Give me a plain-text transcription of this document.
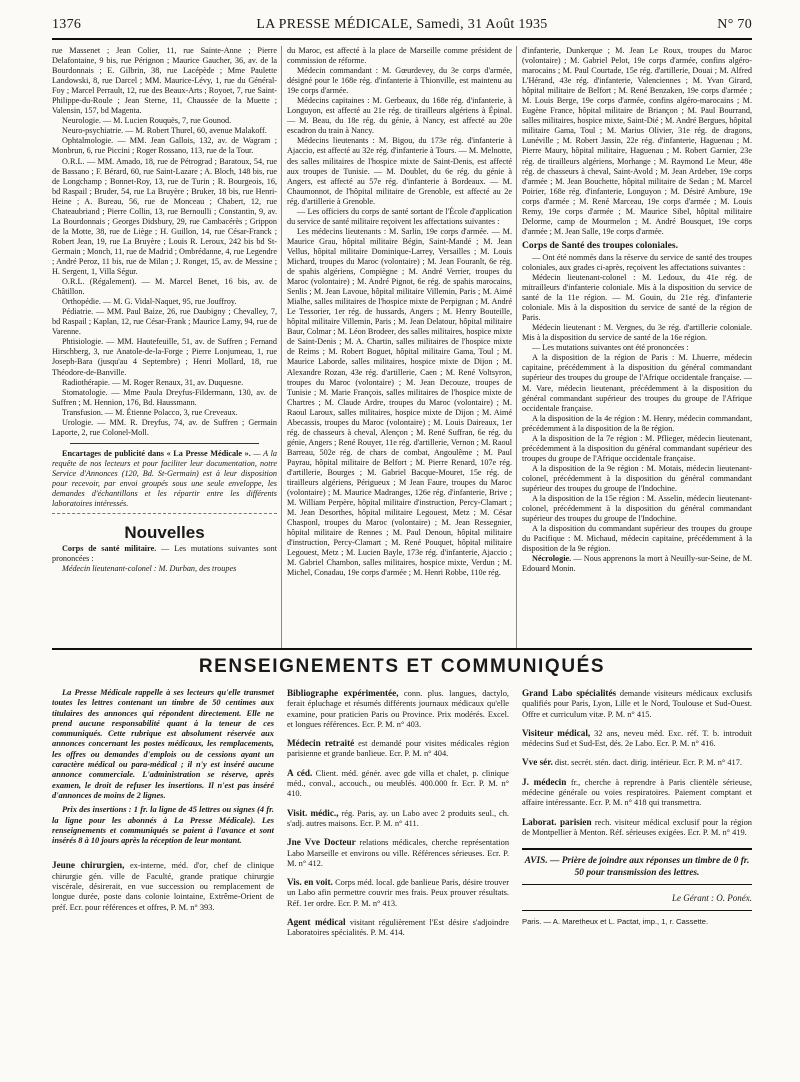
1376	LA PRESSE MÉDICALE, Samedi, 31 Août 1935	N° 70

rue Massenet ; Jean Colier, 11, rue Sainte-Anne ; Pierre Delafontaine, 9 bis, rue Pérignon ; Maurice Gaucher, 36, av. de la Bourdonnais ; E. Gilbrin, 38, rue Lacépède ; Mme Paulette Landowski, 8, rue Darcel ; MM. Maurice-Lévy, 1, rue du Général-Foy ; Marcel Perrault, 12, rue des Beaux-Arts ; Royoet, 7, rue Saint-Philippe-du-Roule ; Jean Sterne, 11, Chaussée de la Muette ; Valensin, 157, bd Magenta.

Neurologie. — M. Lucien Rouquès, 7, rue Gounod.

Neuro-psychiatrie. — M. Robert Thurel, 60, avenue Malakoff.

Ophtalmologie. — MM. Jean Gallois, 132, av. de Wagram ; Monbrun, 6, rue Piccini ; Roger Rossano, 113, rue de la Tour.

O.R.L. — MM. Amado, 18, rue de Pétrograd ; Baratoux, 54, rue de Bassano ; F. Bérard, 60, rue Saint-Lazare ; A. Bloch, 148 bis, rue de Longchamp ; Bonnet-Roy, 13, rue de Turin ; R. Bourgeois, 16, bd Raspail ; Bruder, 54, rue La Bruyère ; Bruker, 18 bis, rue Henri-Heine ; A. Bureau, 56, rue de Monceau ; Chabert, 12, rue Chateaubriand ; Pierre Collin, 13, rue Bernoulli ; Constantin, 9, av. La Bourdonnais ; Georges Didsbury, 29, rue Cambacérès ; Grippon de la Motte, 38, rue de Liège ; H. Guillon, 14, rue César-Franck ; Robert Jean, 19, rue La Bruyère ; Louis R. Leroux, 242 bis bd St-Germain ; Monch, 11, rue de Madrid ; Ombrédanne, 4, rue Legendre ; André Peroz, 11 bis, rue de Milan ; J. Ronget, 15, av. de Messine ; H. Sergent, 1, Villa Ségur.

O.R.L. (Régalement). — M. Marcel Benet, 16 bis, av. de Châtillon.

Orthopédie. — M. G. Vidal-Naquet, 95, rue Jouffroy.

Pédiatrie. — MM. Paul Baize, 26, rue Daubigny ; Chevalley, 7, bd Raspail ; Kaplan, 12, rue César-Frank ; Maurice Lamy, 94, rue de Varenne.

Phtisiologie. — MM. Hautefeuille, 51, av. de Suffren ; Fernand Hirschberg, 3, rue Anatole-de-la-Forge ; Pierre Lonjumeau, 1, rue Joseph-Bara (jusqu'au 4 Septembre) ; Henri Mollard, 18, rue Théodore-de-Banville.

Radiothérapie. — M. Roger Renaux, 31, av. Duquesne.

Stomatologie. — Mme Paula Dreyfus-Fildermann, 130, av. de Suffren ; M. Hennion, 176, Bd. Haussmann.

Transfusion. — M. Étienne Polacco, 3, rue Creveaux.

Urologie. — MM. R. Dreyfus, 74, av. de Suffren ; Germain Laporte, 2, rue Colonel-Moll.

Encartages de publicité dans « La Presse Médicale ». — A la requête de nos lecteurs et pour faciliter leur documentation, notre Service d'Annonces (120, Bd. St-Germain) est à leur disposition pour recevoir, par envoi groupés sous une seule enveloppe, les demandes d'échantillons et les répartir entre les différents laboratoires intéressés.

Nouvelles

Corps de santé militaire. — Les mutations suivantes sont prononcées :

Médecin lieutenant-colonel : M. Durban, des troupes

du Maroc, est affecté à la place de Marseille comme président de commission de réforme.

Médecin commandant : M. Gœurdevey, du 3e corps d'armée, désigné pour le 168e rég. d'infanterie à Thionville, est maintenu au 19e corps d'armée.

Médecins capitaines : M. Gerbeaux, du 168e rég. d'infanterie, à Longuyon, est affecté au 21e rég. de tirailleurs algériens à Épinal. — M. Beau, du 18e rég. du génie, à Nancy, est affecté au 20e escadron du train à Nancy.

Médecins lieutenants : M. Bigou, du 173e rég. d'infanterie à Ajaccio, est affecté au 32e rég. d'infanterie à Tours. — M. Melnotte, des salles militaires de l'hospice mixte de Saint-Denis, est affecté aux troupes de Tunisie. — M. Doublet, du 6e rég. du génie à Angers, est affecté au 57e rég. d'infanterie à Bordeaux. — M. Chaumonnot, de l'hôpital militaire de Grenoble, est affecté au 2e rég. d'artillerie à Grenoble.

— Les officiers du corps de santé sortant de l'École d'application du service de santé militaire reçoivent les affectations suivantes :

Les médecins lieutenants : M. Sarlin, 19e corps d'armée. — M. Maurice Grau, hôpital militaire Bégin, Saint-Mandé ; M. Jean Vellus, hôpital militaire Dominique-Larrey, Versailles ; M. Louis Michard, troupes du Maroc (volontaire) ; M. Jean Fouranlt, 6e rég. de spahis algériens, Compiègne ; M. André Verrier, troupes du Maroc (volontaire) ; M. André Pignot, 6e rég. de spahis marocains, Senlis ; M. Jean Lavoue, hôpital militaire Villemin, Paris ; M. Aimé Mialhe, salles militaires de l'hospice mixte de Perpignan ; M. André Le Tessorier, 1er rég. de hussards, Angers ; M. Henry Bouteille, hôpital militaire Villemin, Paris ; M. Jean Delatour, hôpital militaire Baur, Colmar ; M. Léon Brodeer, des salles militaires, hospice mixte de Saint-Denis ; M. A. Chartin, salles militaires de l'hospice mixte de Reims ; M. Robert Boguet, hôpital militaire Gama, Toul ; M. Maurice Laborde, salles militaires, hospice mixte de Dijon ; M. Alexandre Rozan, 43e rég. d'artillerie, Caen ; M. René Voltsyron, troupes du Maroc (volontaire) ; M. Jean Decouze, troupes de Tunisie ; M. Marie François, salles militaires de l'hospice mixte de Chartres ; M. Claude Ardre, troupes du Maroc (volontaire) ; M. Raoul Laroux, salles militaires, hospice mixte de Dijon ; M. Aimé Abecassis, troupes du Maroc (volontaire) ; M. Louis Daireaux, 1er rég. de chasseurs à cheval, Alençon ; M. René Suffran, 6e rég. du génie, Angers ; René Rouyer, 11e rég. d'artillerie, Vernon ; M. Raoul Barreau, 502e rég. de chars de combat, Angoulême ; M. Paul Payrau, hôpital militaire de Belfort ; M. Pierre Renard, 107e rég. d'artillerie, Bourges ; M. Gabriel Bacque-Mouret, 15e rég. de tirailleurs algériens, Périgueux ; M Jean Faure, troupes du Maroc (volontaire) ; M. Maurice Madranges, 126e rég. d'infanterie, Brive ; M. William Perpère, hôpital militaire d'instruction, Percy-Clamart ; M. Jean Desorthes, hôpital militaire Legouest, Metz ; M. César Chasponl, troupes du Maroc (volontaire) ; M. Jean Ressegnier, hôpital militaire de Rennes ; M. Paul Denoun, hôpital militaire d'instruction, Percy-Clamart ; M. René Pouquet, hôpital militaire Legouest, Metz ; M. Lucien Bayle, 173e rég. d'infanterie, Ajaccio ; M. Gabriel Chambon, salles militaires, hospice mixte, Verdun ; M. Michel, Conadau, 19e corps d'armée ; M. Henri Robbe, 110e rég.

d'infanterie, Dunkerque ; M. Jean Le Roux, troupes du Maroc (volontaire) ; M. Gabriel Pelot, 19e corps d'armée, confins algéro-marocains ; M. Paul Courtade, 15e rég. d'artillerie, Douai ; M. Alfred L'Hérand, 43e rég. d'infanterie, Valenciennes ; M. Yvan Girard, hôpital militaire de Belfort ; M. René Benzaken, 19e corps d'armée ; M. Louis Berge, 19e corps d'armée, confins algéro-marocains ; M. Eugène France, hôpital militaire de Briançon ; M. Paul Bourrand, salles militaires, hospice mixte, Saint-Dié ; M. André Bergues, hôpital militaire Gama, Toul ; M. Marius Olivier, 31e rég. de dragons, Lunéville ; M. Robert Jassin, 22e rég. d'infanterie, Haguenau ; M. Pierre Maury, hôpital militaire, Haguenau ; M. Robert Garnier, 23e rég. de tirailleurs algériens, Morhange ; M. Raymond Le Meur, 48e rég. de chasseurs à cheval, Saint-Avold ; M. Jean Ardeber, 19e corps d'armée ; M. Jean Bouchette, hôpital militaire de Sedan ; M. Marcel Poirier, 168e rég. d'infanterie, Longuyon ; M. Désiré Ambure, 19e corps d'armée ; M. René Marceau, 19e corps d'armée ; M. Louis Remy, 19e corps d'armée ; M. Maurice Sibel, hôpital militaire Delorme, camp de Mourmelon ; M. André Bousquet, 19e corps d'armée ; M. Jean Salle, 19e corps d'armée.

Corps de Santé des troupes coloniales.

— Ont été nommés dans la réserve du service de santé des troupes coloniales, aux grades ci-après, reçoivent les affectations suivantes :

Médecin lieutenant-colonel : M. Ledoux, du 41e rég. de mitrailleurs d'infanterie coloniale. Mis à la disposition du service de santé de la 11e région. — M. Gouin, du 21e rég. d'infanterie coloniale. Mis à la disposition du service de santé de la région de Paris.

Médecin lieutenant : M. Vergnes, du 3e rég. d'artillerie coloniale. Mis à la disposition du service de santé de la 16e région.

— Les mutations suivantes ont été prononcées :

A la disposition de la région de Paris : M. Lhuerre, médecin capitaine, précédemment à la disposition du général commandant supérieur des troupes du groupe de l'Afrique occidentale française. — M. Vare, médecin lieutenant, précédemment à la disposition du général commandant supérieur des troupes du groupe de l'Afrique occidentale française.

A la disposition de la 4e région : M. Henry, médecin commandant, précédemment à la disposition de la 8e région.

A la disposition de la 7e région : M. Pflieger, médecin lieutenant, précédemment à la disposition du général commandant supérieur des troupes du groupe de l'Afrique occidentale française.

A la disposition de la 9e région : M. Motais, médecin lieutenant-colonel, précédemment à la disposition du général commandant supérieur des troupes du groupe de l'Indochine.

A la disposition de la 15e région : M. Asselin, médecin lieutenant-colonel, précédemment à la disposition du général commandant supérieur des troupes du groupe de l'Indochine.

A la disposition du commandant supérieur des troupes du groupe du Pacifique : M. Michaud, médecin capitaine, précédemment à la disposition de la 9e région.

Nécrologie. — Nous apprenons la mort à Neuilly-sur-Seine, de M. Edouard Monin.

RENSEIGNEMENTS ET COMMUNIQUÉS

La Presse Médicale rappelle à ses lecteurs qu'elle transmet toutes les lettres contenant un timbre de 50 centimes aux titulaires des annonces qui répondent directement. Elle ne prend aucune responsabilité quant à la teneur de ces communiqués. Cette rubrique est absolument réservée aux annonces concernant les postes médicaux, les remplacements, les offres ou demandes d'emplois ou de cessions ayant un caractère médical ou para-médical ; il n'y est inséré aucune annonce commerciale. L'administration se réserve, après examen, le droit de refuser les insertions. Il n'est pas inséré d'annonces de moins de 2 lignes.

Prix des insertions : 1 fr. la ligne de 45 lettres ou signes (4 fr. la ligne pour les abonnés à La Presse Médicale). Les renseignements et communiqués se paient à l'avance et sont insérés 8 à 10 jours après la réception de leur montant.

Jeune chirurgien, ex-interne, méd. d'or, chef de clinique chirurgie gén. ville de Faculté, grande pratique chirurgie viscérale, désirerait, en vue succession ou remplacement de longue durée, poste dans colonie lointaine, Extrême-Orient de préf. Ecr. pour références et offres, P. M. n° 393.

Bibliographe expérimentée, conn. plus. langues, dactylo, ferait épluchage et résumés différents journaux médicaux qu'elle examine, pour praticien Paris ou Province. Prix modérés. Excel. et longues références. Ecr. P. M. n° 403.

Médecin retraité est demandé pour visites médicales région parisienne et grande banlieue. Ecr. P. M. n° 404.

A céd. Client. méd. génér. avec gde villa et chalet, p. clinique méd., conval., accouch., ou meublés. 400.000 fr. Ecr. P. M. n° 410.

Visit. médic., rég. Paris, ay. un Labo avec 2 produits seul., ch. s'adj. autres maisons. Ecr. P. M. n° 411.

Jne Vve Docteur relations médicales, cherche représentation Labo Marseille et environs ou ville. Références sérieuses. Ecr. P. M. n° 412.

Vis. en voit. Corps méd. local. gde banlieue Paris, désire trouver un Labo afin permettre couvrir mes frais. Peux prouver résultats. Réf. 1er ordre. Ecr. P. M. n° 413.

Agent médical visitant régulièrement l'Est désire s'adjoindre Laboratoires spécialités. P. M. 414.

Grand Labo spécialités demande visiteurs médicaux exclusifs qualifiés pour Paris, Lyon, Lille et le Nord, Toulouse et Sud-Ouest. Offre et curriculum vitæ. P. M. n° 415.

Visiteur médical, 32 ans, neveu méd. Exc. réf. T. b. introduit médecins Sud et Sud-Est, dés. 2e Labo. Ecr. P. M. n° 416.

Vve sér. dist. secrét. stén. dact. dirig. intérieur. Ecr. P. M. n° 417.

J. médecin fr., cherche à reprendre à Paris clientèle sérieuse, médecine générale ou voies respiratoires. Paiement comptant et affaire intéressante. Ecr. P. M. n° 418 qui transmettra.

Laborat. parisien rech. visiteur médical exclusif pour la région de Montpellier à Menton. Réf. sérieuses exigées. Ecr. P. M. n° 419.

AVIS. — Prière de joindre aux réponses un timbre de 0 fr. 50 pour transmission des lettres.
Le Gérant : O. Ponéx.
Paris. — A. Maretheux et L. Pactat, imp., 1, r. Cassette.
